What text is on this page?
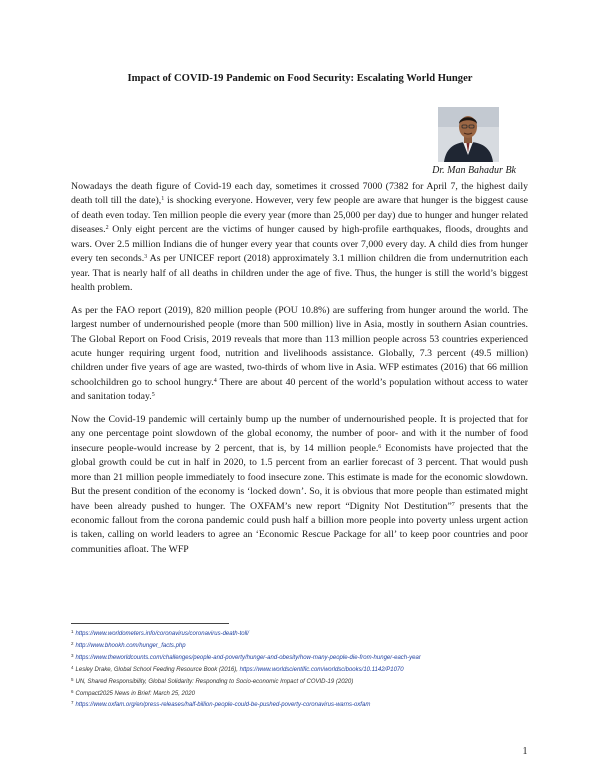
Impact of COVID-19 Pandemic on Food Security: Escalating World Hunger
Dr. Man Bahadur Bk

Nowadays the death figure of Covid-19 each day, sometimes it crossed 7000 (7382 for April 7, the highest daily death toll till the date),$^1$ is shocking everyone. However, very few people are aware that hunger is the biggest cause of death even today. Ten million people die every year (more than 25,000 per day) due to hunger and hunger related diseases.$^2$ Only eight percent are the victims of hunger caused by high-profile earthquakes, floods, droughts and wars. Over 2.5 million Indians die of hunger every year that counts over 7,000 every day. A child dies from hunger every ten seconds.$^3$ As per UNICEF report (2018) approximately 3.1 million children die from undernutrition each year. That is nearly half of all deaths in children under the age of five. Thus, the hunger is still the world’s biggest health problem.

As per the FAO report (2019), 820 million people (POU 10.8%) are suffering from hunger around the world. The largest number of undernourished people (more than 500 million) live in Asia, mostly in southern Asian countries. The Global Report on Food Crisis, 2019 reveals that more than 113 million people across 53 countries experienced acute hunger requiring urgent food, nutrition and livelihoods assistance. Globally, 7.3 percent (49.5 million) children under five years of age are wasted, two-thirds of whom live in Asia. WFP estimates (2016) that 66 million schoolchildren go to school hungry.$^4$ There are about 40 percent of the world’s population without access to water and sanitation today.$^5$

Now the Covid-19 pandemic will certainly bump up the number of undernourished people. It is projected that for any one percentage point slowdown of the global economy, the number of poor- and with it the number of food insecure people-would increase by 2 percent, that is, by 14 million people.$^6$ Economists have projected that the global growth could be cut in half in 2020, to 1.5 percent from an earlier forecast of 3 percent. That would push more than 21 million people immediately to food insecure zone. This estimate is made for the economic slowdown. But the present condition of the economy is ‘locked down’. So, it is obvious that more people than estimated might have been already pushed to hunger. The OXFAM’s new report “Dignity Not Destitution”$^7$ presents that the economic fallout from the corona pandemic could push half a billion more people into poverty unless urgent action is taken, calling on world leaders to agree an ‘Economic Rescue Package for all’ to keep poor countries and poor communities afloat. The WFP

$^1$ https://www.worldometers.info/coronavirus/coronavirus-death-toll/
$^2$ http://www.bhookh.com/hunger_facts.php
$^3$ https://www.theworldcounts.com/challenges/people-and-poverty/hunger-and-obesity/how-many-people-die-from-hunger-each-year
$^4$ Lesley Drake, Global School Feeding Resource Book (2016), https://www.worldscientific.com/worldscibooks/10.1142/P1070
$^5$ UN, Shared Responsibility, Global Solidarity: Responding to Socio-economic Impact of COVID-19 (2020)
$^6$ Compact2025 News in Brief: March 25, 2020
$^7$ https://www.oxfam.org/en/press-releases/half-billion-people-could-be-pushed-poverty-coronavirus-warns-oxfam
1
